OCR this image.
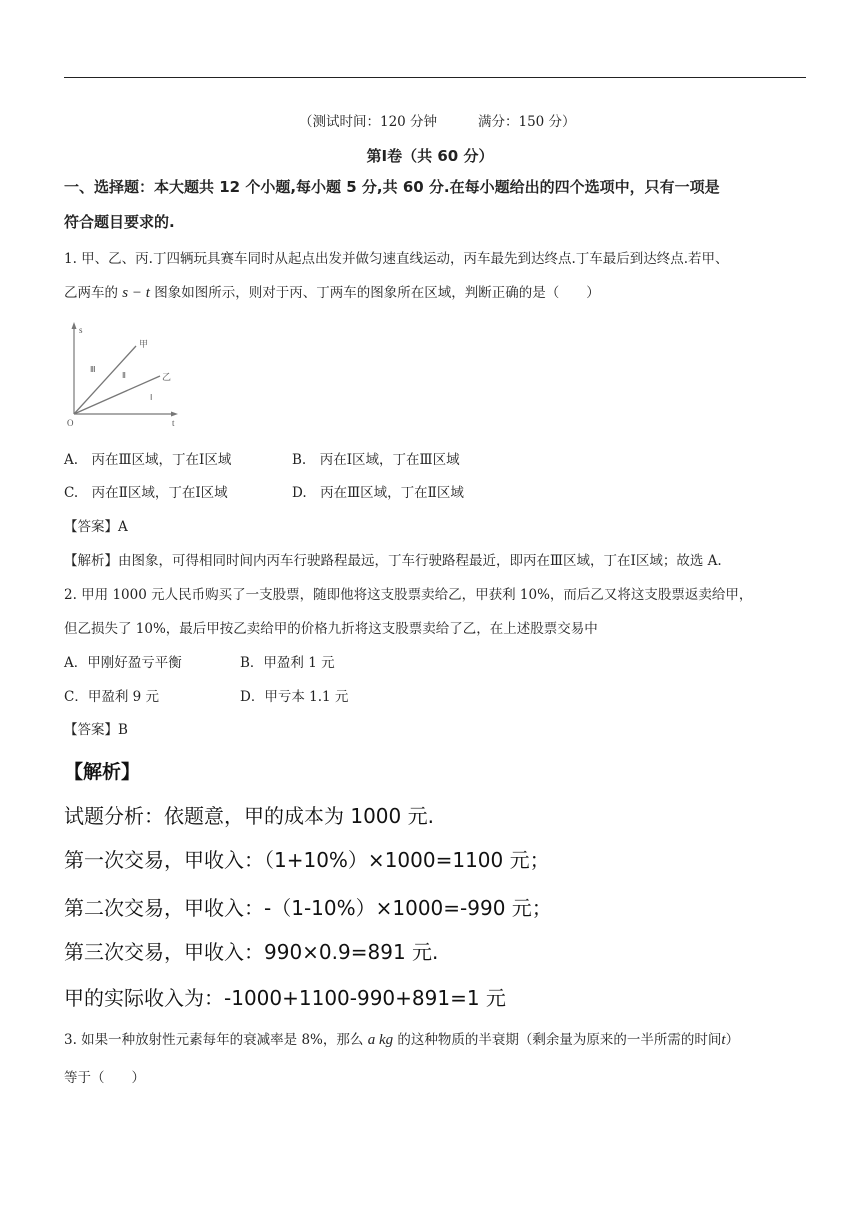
（测试时间：120 分钟	满分：150 分）
第Ⅰ卷（共 60 分）
一、选择题：本大题共 12 个小题,每小题 5 分,共 60 分.在每小题给出的四个选项中，只有一项是
符合题目要求的.
1. 甲、乙、丙.丁四辆玩具赛车同时从起点出发并做匀速直线运动，丙车最先到达终点.丁车最后到达终点.若甲、
乙两车的 s − t 图象如图所示，则对于丙、丁两车的图象所在区域，判断正确的是（　　）
s
t
O
甲
乙
Ⅲ
Ⅱ
Ⅰ
A.　丙在Ⅲ区域，丁在Ⅰ区域	B.　丙在Ⅰ区域，丁在Ⅲ区域
C.　丙在Ⅱ区域，丁在Ⅰ区域	D.　丙在Ⅲ区域，丁在Ⅱ区域
【答案】A
【解析】由图象，可得相同时间内丙车行驶路程最远，丁车行驶路程最近，即丙在Ⅲ区域，丁在Ⅰ区域；故选 A.
2. 甲用 1000 元人民币购买了一支股票，随即他将这支股票卖给乙，甲获利 10%，而后乙又将这支股票返卖给甲，
但乙损失了 10%，最后甲按乙卖给甲的价格九折将这支股票卖给了乙，在上述股票交易中
A．甲刚好盈亏平衡	B．甲盈利 1 元
C．甲盈利 9 元	D．甲亏本 1.1 元
【答案】B
【解析】
试题分析：依题意，甲的成本为 1000 元.
第一次交易，甲收入：（1+10%）×1000=1100 元；
第二次交易，甲收入：-（1-10%）×1000=-990 元；
第三次交易，甲收入：990×0.9=891 元.
甲的实际收入为：-1000+1100-990+891=1 元
3. 如果一种放射性元素每年的衰减率是 8%，那么 a kg 的这种物质的半衰期（剩余量为原来的一半所需的时间t）
等于（　　）
